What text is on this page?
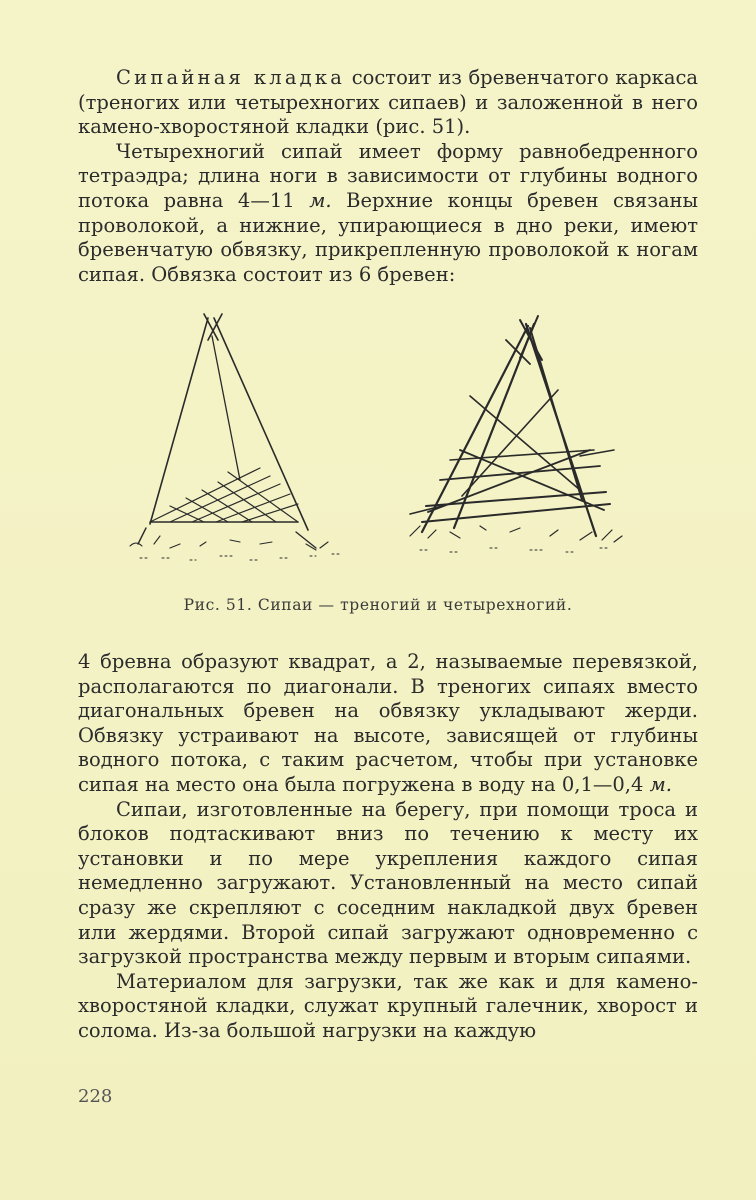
Сипайная кладка состоит из бревенчатого каркаса (треногих или четырехногих сипаев) и заложенной в него камено-хворостяной кладки (рис. 51).

Четырехногий сипай имеет форму равнобедренного тетраэдра; длина ноги в зависимости от глубины водного потока равна 4—11 м. Верхние концы бревен связаны проволокой, а нижние, упирающиеся в дно реки, имеют бревенчатую обвязку, прикрепленную проволокой к ногам сипая. Обвязка состоит из 6 бревен:

Рис. 51. Сипаи — треногий и четырехногий.

4 бревна образуют квадрат, а 2, называемые перевязкой, располагаются по диагонали. В треногих сипаях вместо диагональных бревен на обвязку укладывают жерди. Обвязку устраивают на высоте, зависящей от глубины водного потока, с таким расчетом, чтобы при установке сипая на место она была погружена в воду на 0,1—0,4 м.

Сипаи, изготовленные на берегу, при помощи троса и блоков подтаскивают вниз по течению к месту их установки и по мере укрепления каждого сипая немедленно загружают. Установленный на место сипай сразу же скрепляют с соседним накладкой двух бревен или жердями. Второй сипай загружают одновременно с загрузкой пространства между первым и вторым сипаями.

Материалом для загрузки, так же как и для камено-хворостяной кладки, служат крупный галечник, хворост и солома. Из-за большой нагрузки на каждую

228
